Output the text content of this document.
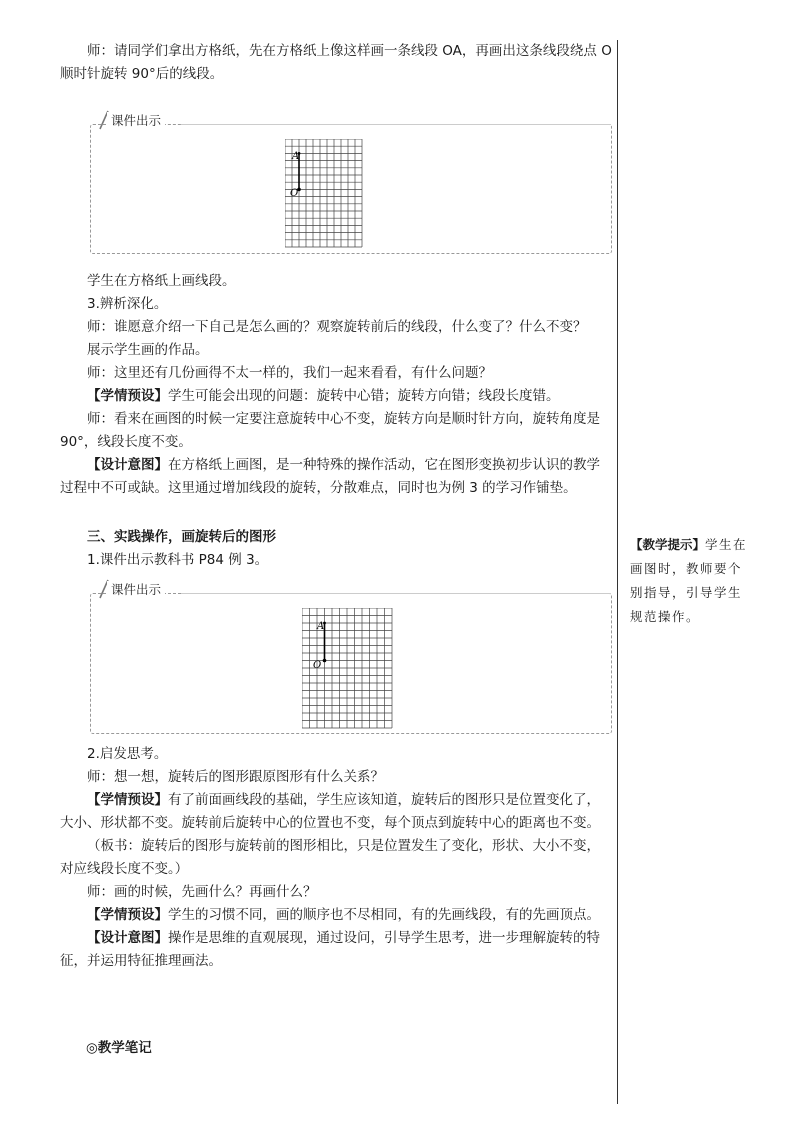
师：请同学们拿出方格纸，先在方格纸上像这样画一条线段 OA，再画出这条线段绕点 O 顺时针旋转 90°后的线段。

课件出示
A
O

学生在方格纸上画线段。

3.辨析深化。

师：谁愿意介绍一下自己是怎么画的？观察旋转前后的线段，什么变了？什么不变？

展示学生画的作品。

师：这里还有几份画得不太一样的，我们一起来看看，有什么问题？

【学情预设】学生可能会出现的问题：旋转中心错；旋转方向错；线段长度错。

师：看来在画图的时候一定要注意旋转中心不变，旋转方向是顺时针方向，旋转角度是 90°，线段长度不变。

【设计意图】在方格纸上画图，是一种特殊的操作活动，它在图形变换初步认识的教学过程中不可或缺。这里通过增加线段的旋转，分散难点，同时也为例 3 的学习作铺垫。

三、实践操作，画旋转后的图形

1.课件出示教科书 P84 例 3。

课件出示
A
O

2.启发思考。

师：想一想，旋转后的图形跟原图形有什么关系？

【学情预设】有了前面画线段的基础，学生应该知道，旋转后的图形只是位置变化了，大小、形状都不变。旋转前后旋转中心的位置也不变，每个顶点到旋转中心的距离也不变。

（板书：旋转后的图形与旋转前的图形相比，只是位置发生了变化，形状、大小不变，对应线段长度不变。）

师：画的时候，先画什么？再画什么？

【学情预设】学生的习惯不同，画的顺序也不尽相同，有的先画线段，有的先画顶点。

【设计意图】操作是思维的直观展现，通过设问，引导学生思考，进一步理解旋转的特征，并运用特征推理画法。

【教学提示】学生在画图时，教师要个别指导，引导学生规范操作。
◎教学笔记
